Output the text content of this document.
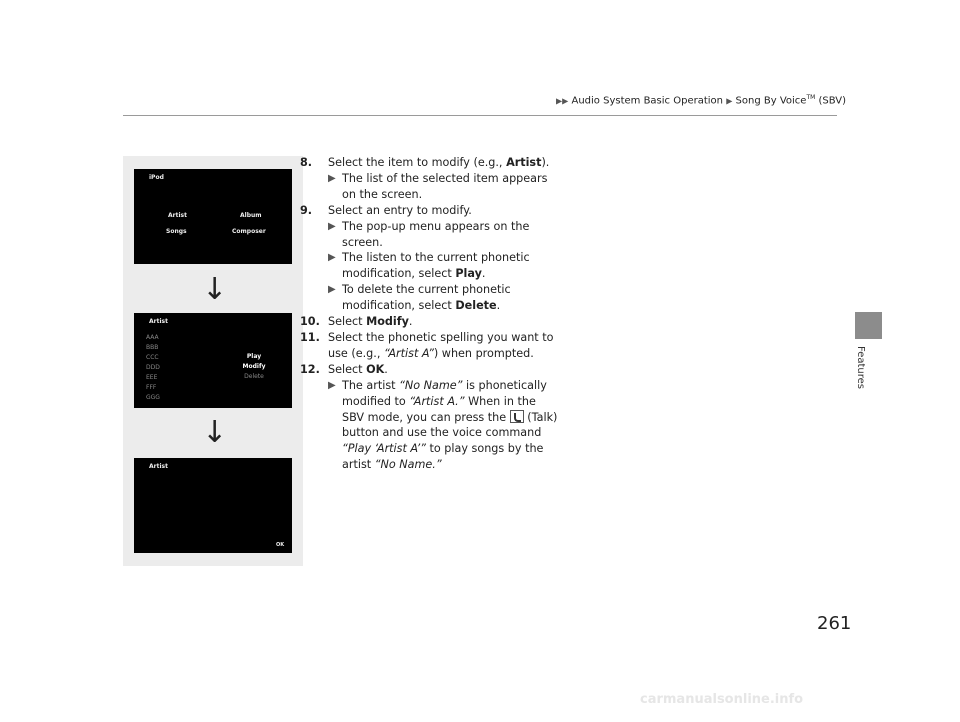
▶▶ Audio System Basic Operation ▶ Song By Voice™ (SBV)
Features
iPod
Artist	Album
Songs	Composer
↓
Artist
AAA
BBB
CCC
DDD
EEE
FFF
GGG
Play
Modify
Delete
↓
Artist
OK
8.	Select the item to modify (e.g., Artist).
▶ The list of the selected item appears on the screen.
9.	Select an entry to modify.
▶ The pop-up menu appears on the screen.
▶ The listen to the current phonetic modification, select Play.
▶ To delete the current phonetic modification, select Delete.
10. Select Modify.
11. Select the phonetic spelling you want to use (e.g., “Artist A”) when prompted.
12. Select OK.
▶ The artist “No Name” is phonetically modified to “Artist A.” When in the SBV mode, you can press the  (Talk) button and use the voice command “Play ‘Artist A’” to play songs by the artist “No Name.”
261
carmanualsonline.info
